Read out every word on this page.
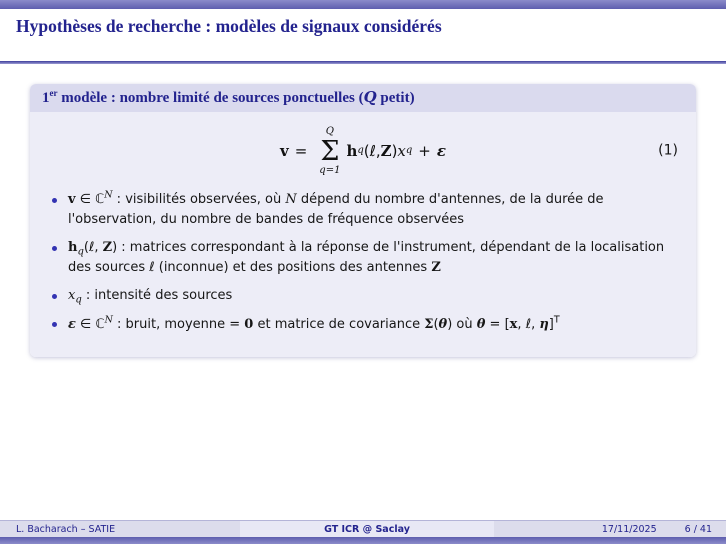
Hypothèses de recherche : modèles de signaux considérés
1er modèle : nombre limité de sources ponctuelles (Q petit)
v =
Q
Σ
q=1
h q ( ℓ , Z ) x q + ε	(1)
v ∈ ℂ$^N$ : visibilités observées, où N dépend du nombre d'antennes, de la durée de l'observation, du nombre de bandes de fréquence observées
$h_q(\ell$, Z) : matrices correspondant à la réponse de l'instrument, dépendant de la localisation des sources ℓ (inconnue) et des positions des antennes Z
$x_q$ : intensité des sources
ε ∈ ℂ$^N$ : bruit, moyenne = 0 et matrice de covariance Σ(θ) où θ = [x, ℓ, η]$^T$
L. Bacharach – SATIE	GT ICR @ Saclay	17/11/2025	6 / 41
